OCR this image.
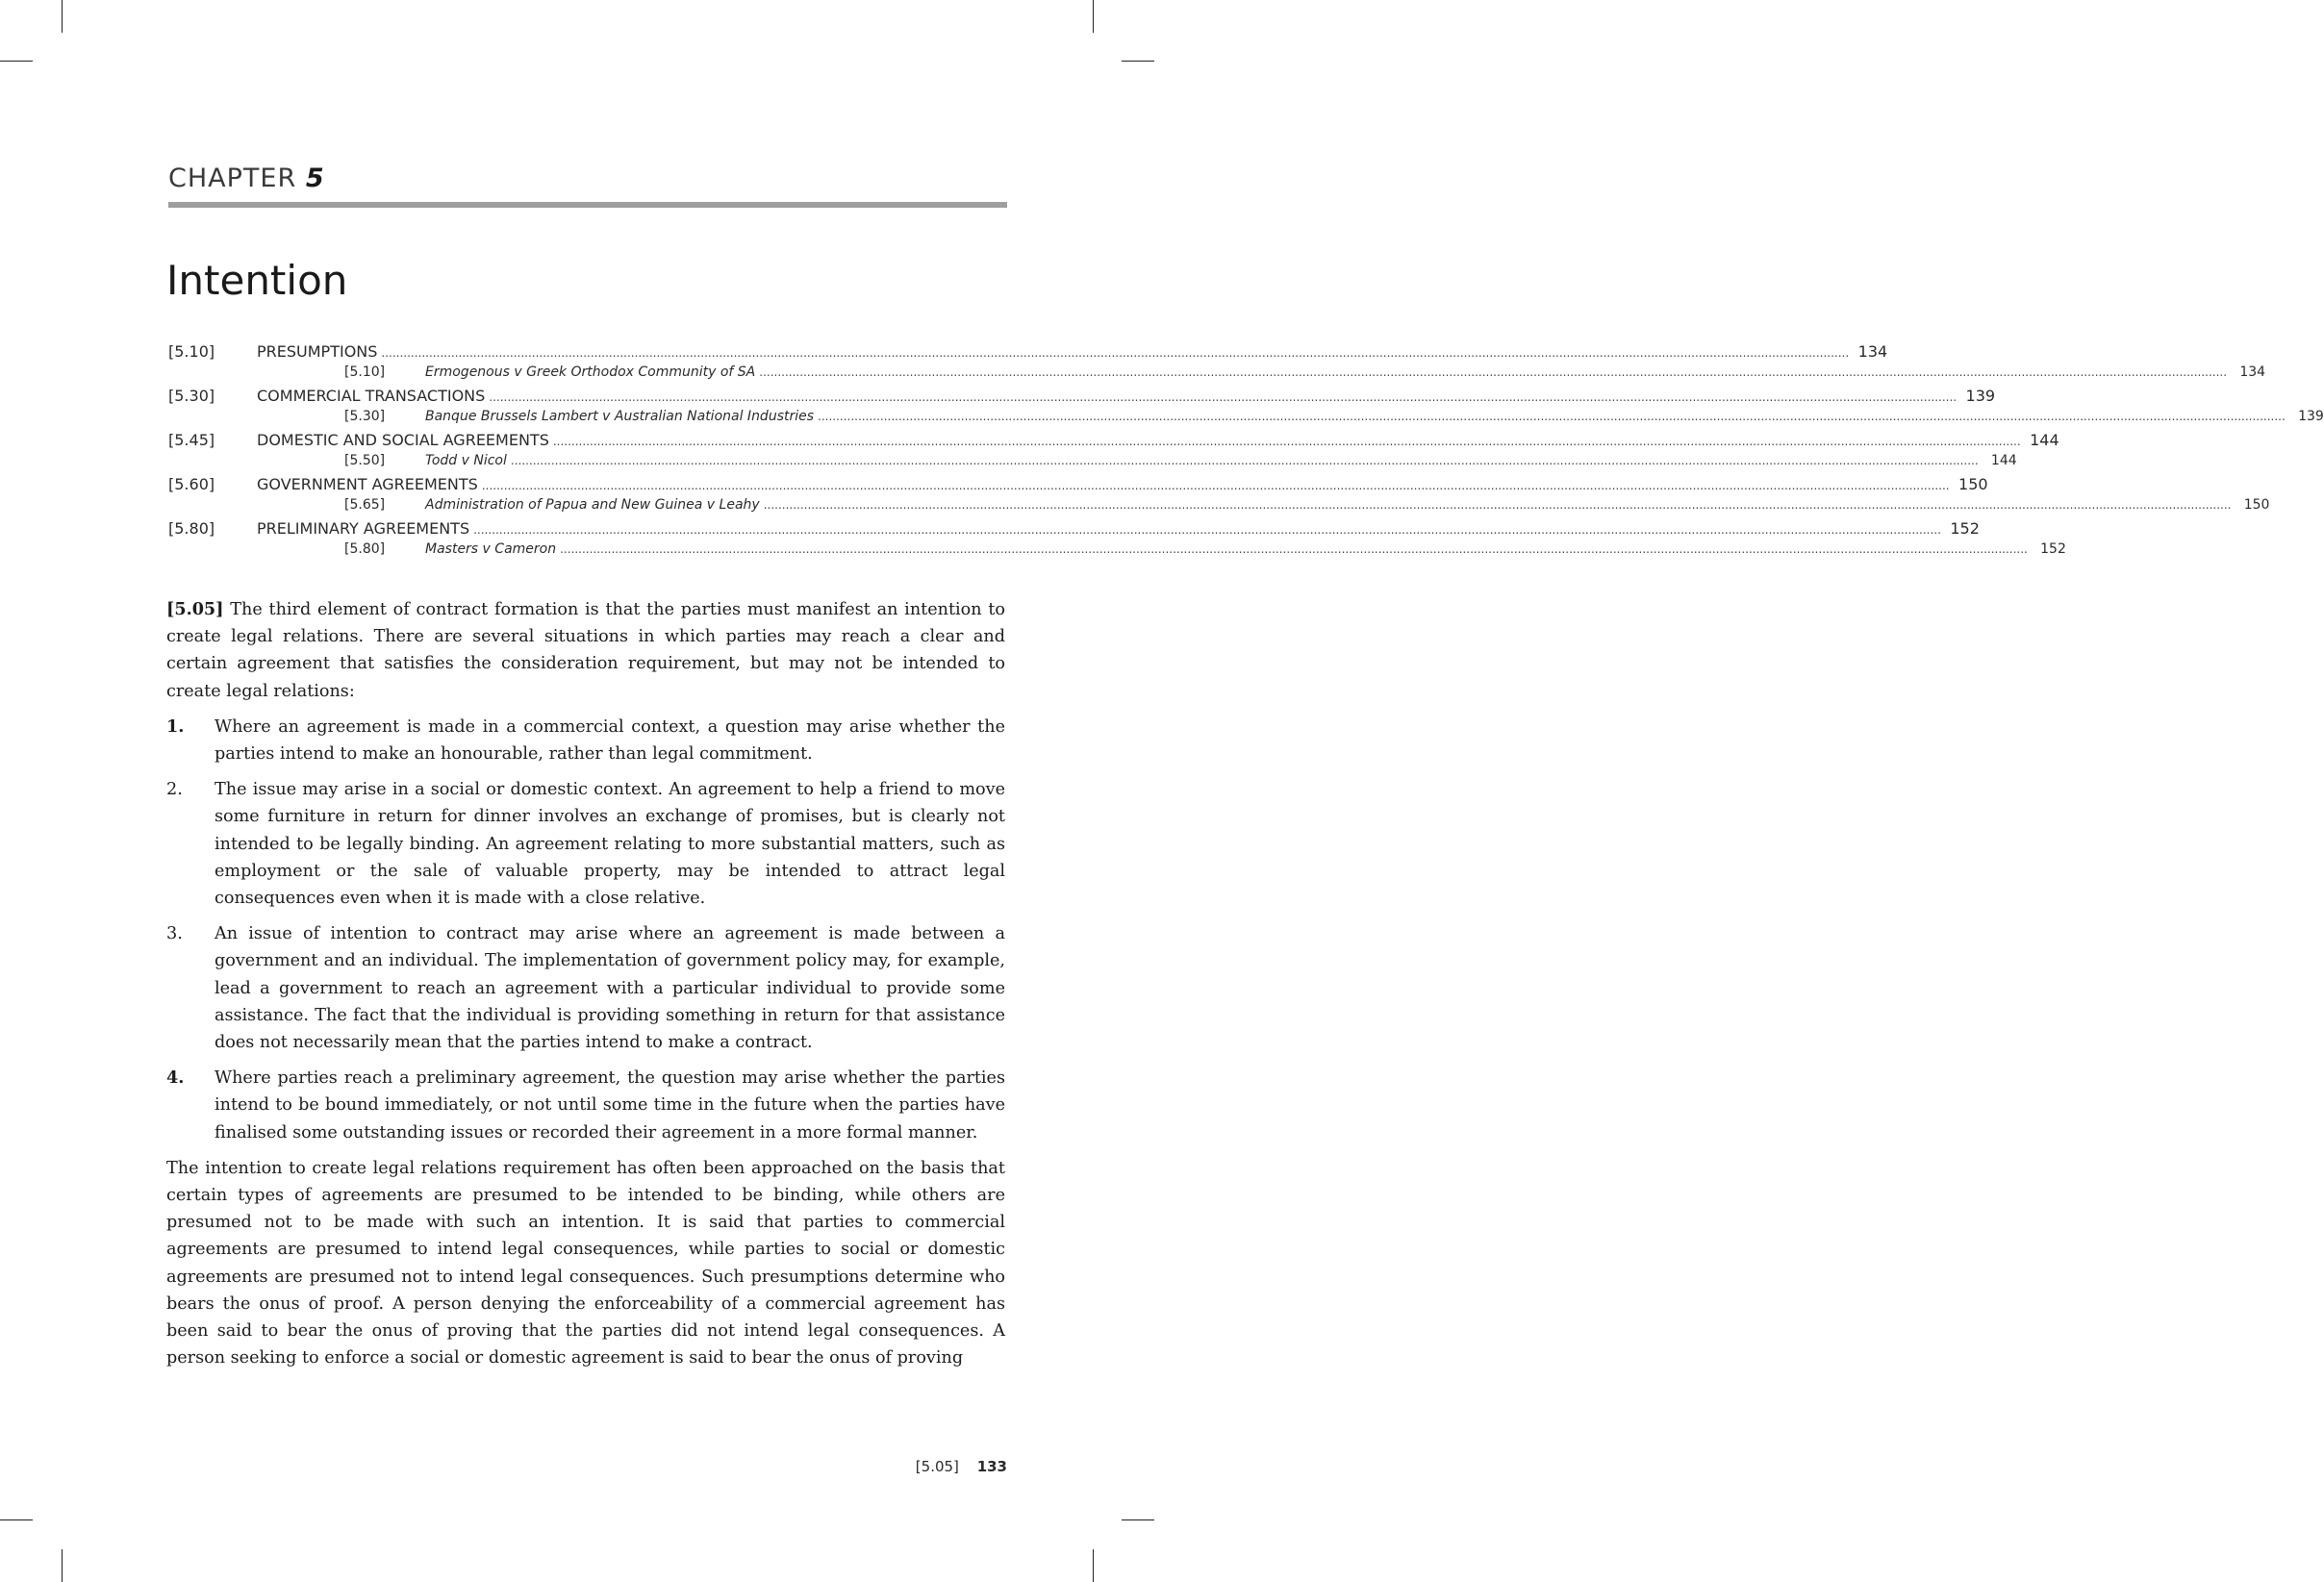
CHAPTER 5
Intention
[5.10]	PRESUMPTIONS ................................................................................................................................................................................................................................................................................................................................................................................................................ 134
[5.10]	Ermogenous v Greek Orthodox Community of SA ................................................................................................................................................................................................................................................................................................................................................................................................................ 134
[5.30]	COMMERCIAL TRANSACTIONS ................................................................................................................................................................................................................................................................................................................................................................................................................ 139
[5.30]	Banque Brussels Lambert v Australian National Industries ................................................................................................................................................................................................................................................................................................................................................................................................................ 139
[5.45]	DOMESTIC AND SOCIAL AGREEMENTS ................................................................................................................................................................................................................................................................................................................................................................................................................ 144
[5.50]	Todd v Nicol ................................................................................................................................................................................................................................................................................................................................................................................................................ 144
[5.60]	GOVERNMENT AGREEMENTS ................................................................................................................................................................................................................................................................................................................................................................................................................ 150
[5.65]	Administration of Papua and New Guinea v Leahy ................................................................................................................................................................................................................................................................................................................................................................................................................ 150
[5.80]	PRELIMINARY AGREEMENTS ................................................................................................................................................................................................................................................................................................................................................................................................................ 152
[5.80]	Masters v Cameron ................................................................................................................................................................................................................................................................................................................................................................................................................ 152

[5.05] The third element of contract formation is that the parties must manifest an intention to create legal relations. There are several situations in which parties may reach a clear and certain agreement that satisfies the consideration requirement, but may not be intended to create legal relations:

1. Where an agreement is made in a commercial context, a question may arise whether the parties intend to make an honourable, rather than legal commitment.
2. The issue may arise in a social or domestic context. An agreement to help a friend to move some furniture in return for dinner involves an exchange of promises, but is clearly not intended to be legally binding. An agreement relating to more substantial matters, such as employment or the sale of valuable property, may be intended to attract legal consequences even when it is made with a close relative.
3. An issue of intention to contract may arise where an agreement is made between a government and an individual. The implementation of government policy may, for example, lead a government to reach an agreement with a particular individual to provide some assistance. The fact that the individual is providing something in return for that assistance does not necessarily mean that the parties intend to make a contract.
4. Where parties reach a preliminary agreement, the question may arise whether the parties intend to be bound immediately, or not until some time in the future when the parties have finalised some outstanding issues or recorded their agreement in a more formal manner.

The intention to create legal relations requirement has often been approached on the basis that certain types of agreements are presumed to be intended to be binding, while others are presumed not to be made with such an intention. It is said that parties to commercial agreements are presumed to intend legal consequences, while parties to social or domestic agreements are presumed not to intend legal consequences. Such presumptions determine who bears the onus of proof. A person denying the enforceability of a commercial agreement has been said to bear the onus of proving that the parties did not intend legal consequences. A person seeking to enforce a social or domestic agreement is said to bear the onus of proving

[5.05] 133
